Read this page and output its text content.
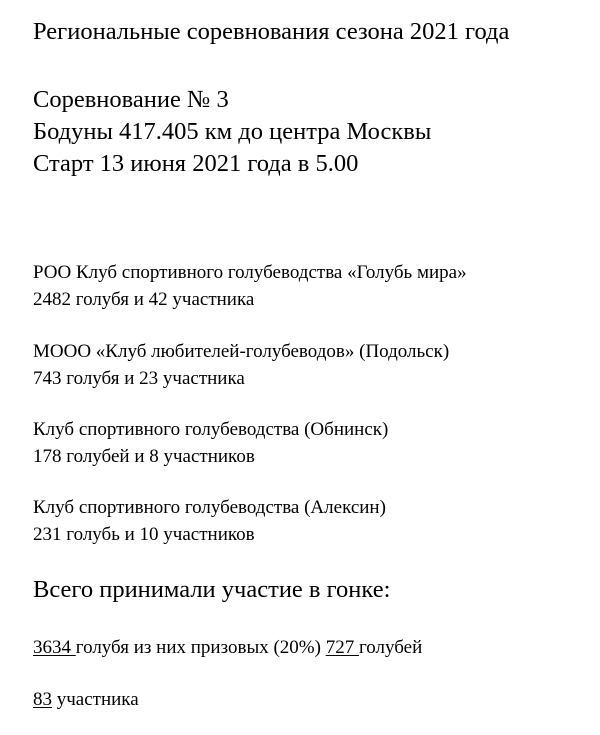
Региональные соревнования сезона 2021 года

Соревнование № 3

Бодуны 417.405 км до центра Москвы

Старт 13 июня 2021 года в 5.00

РОО Клуб спортивного голубеводства «Голубь мира»

2482 голубя и 42 участника

МООО «Клуб любителей-голубеводов» (Подольск)

743 голубя и 23 участника

Клуб спортивного голубеводства (Обнинск)

178 голубей и 8 участников

Клуб спортивного голубеводства (Алексин)

231 голубь и 10 участников

Всего принимали участие в гонке:

3634 голубя из них призовых (20%) 727 голубей

83 участника
